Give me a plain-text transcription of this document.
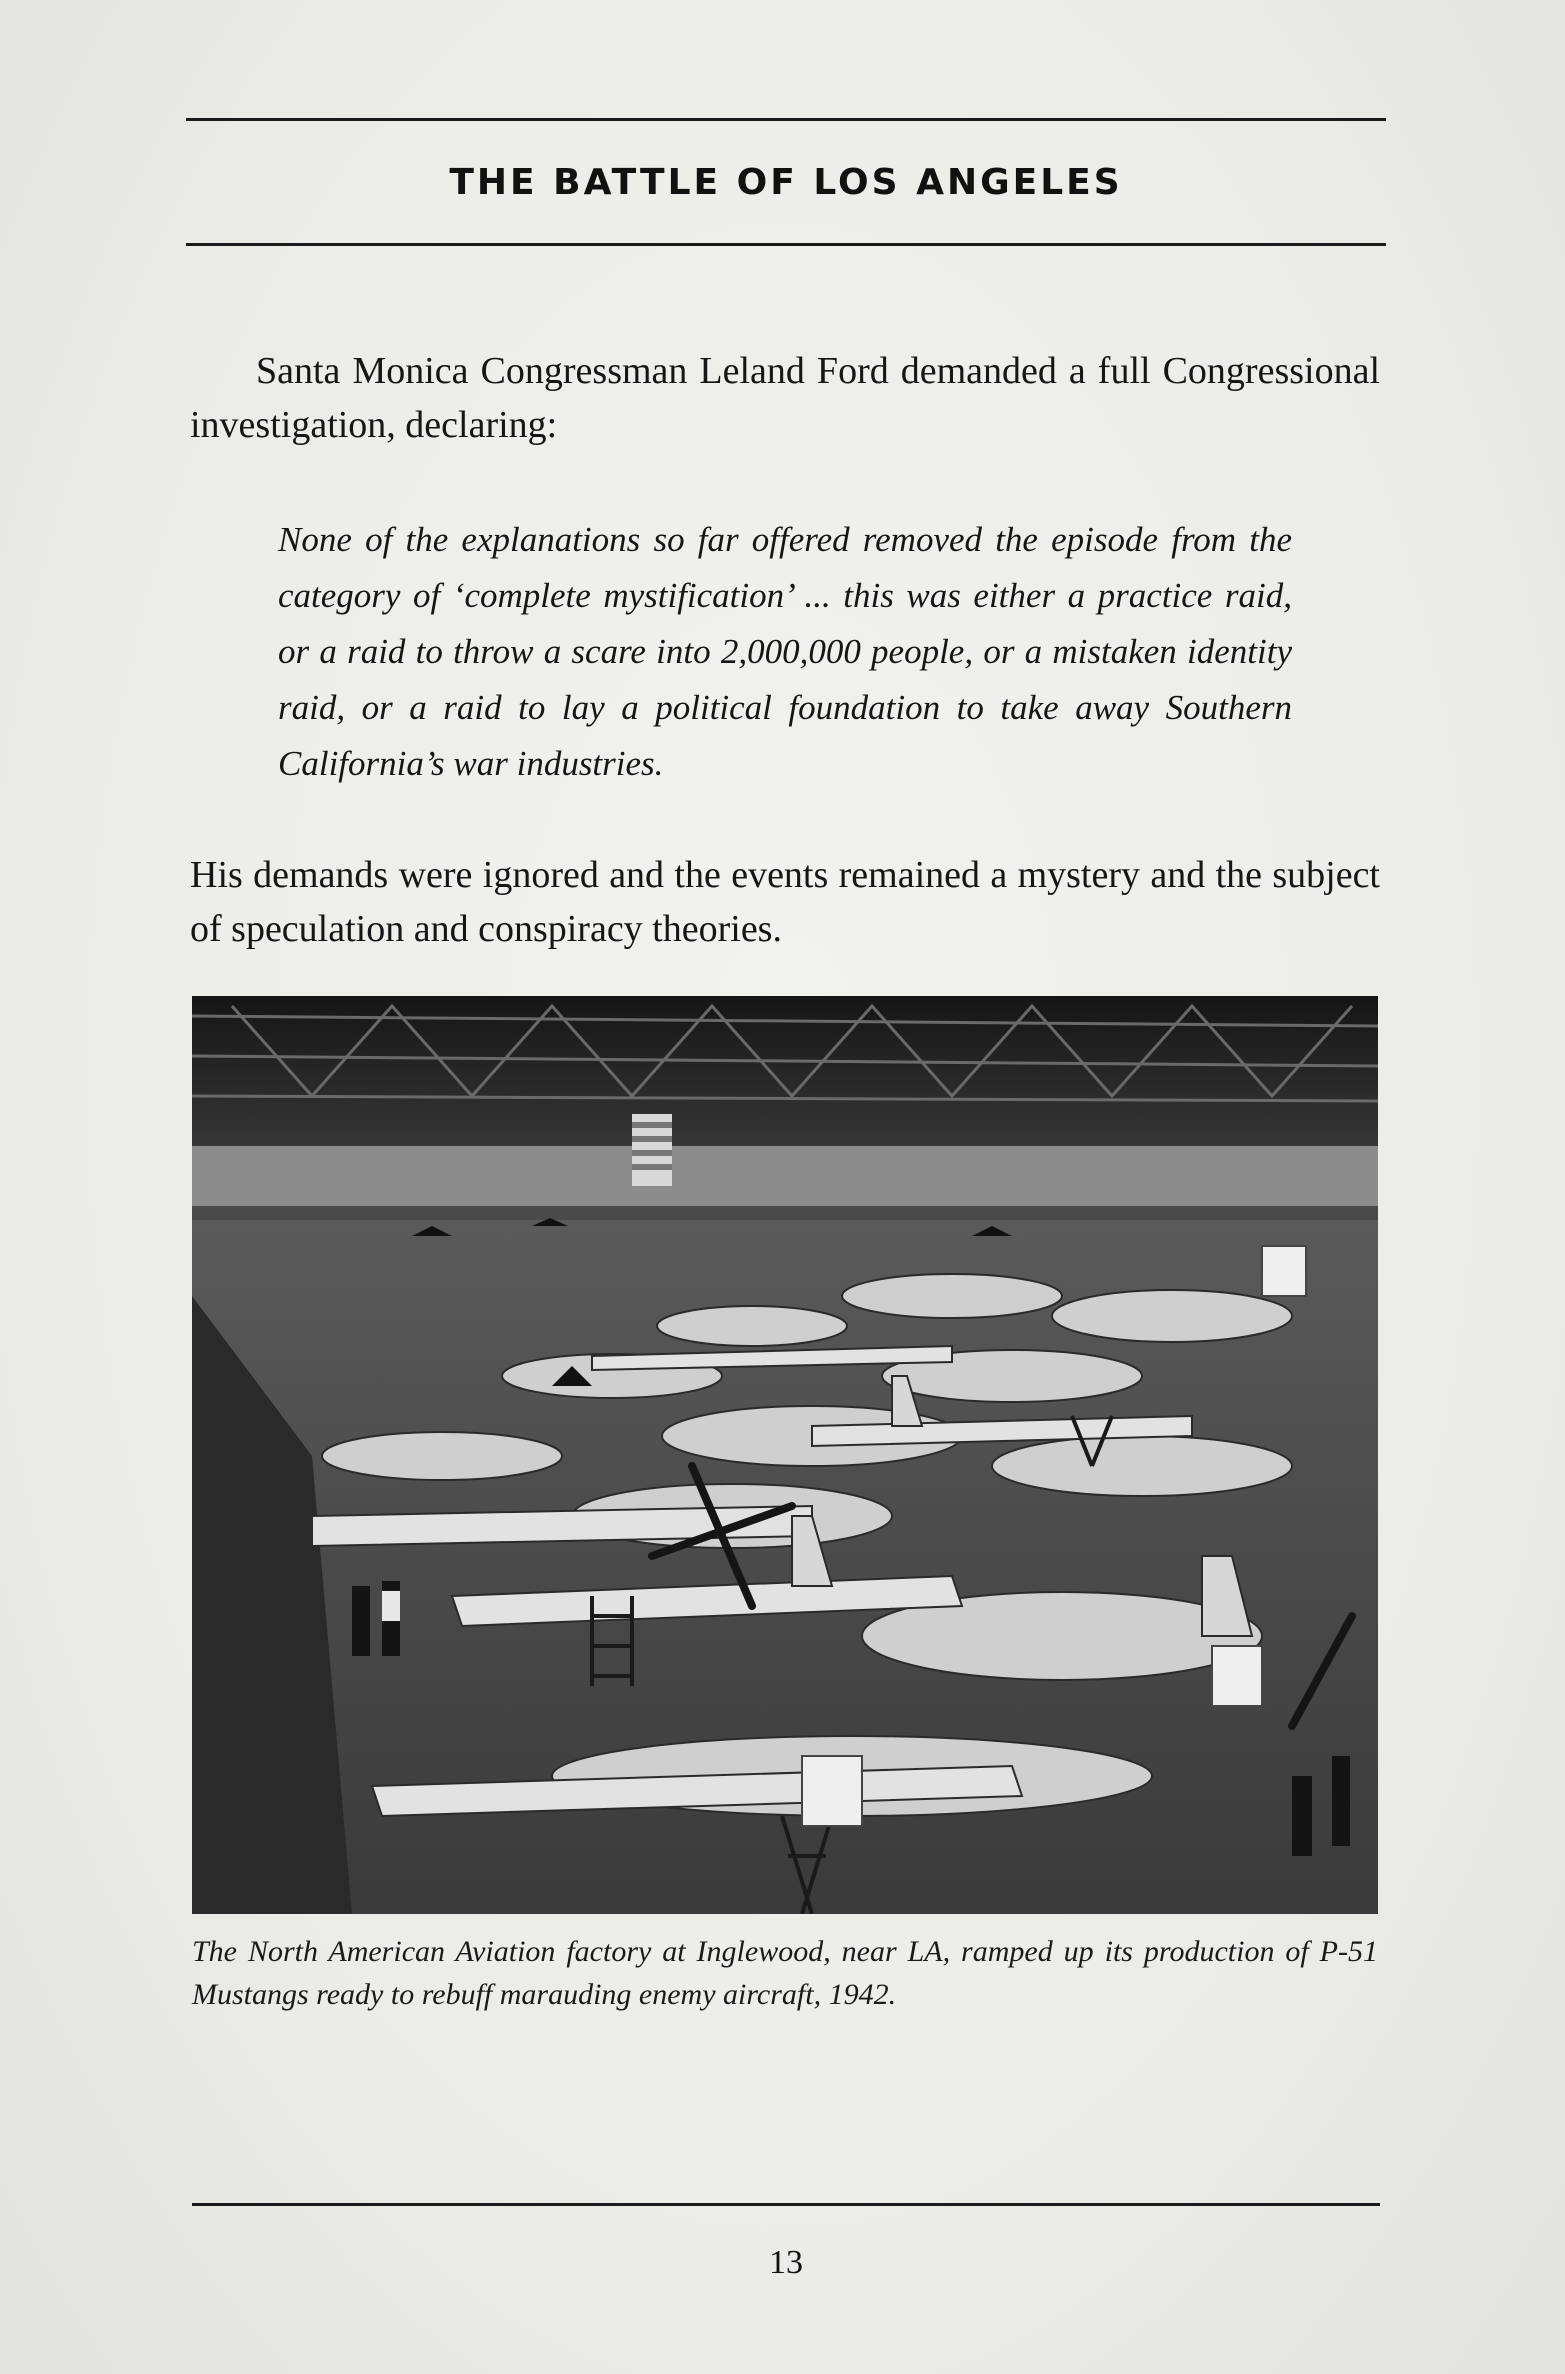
THE BATTLE OF LOS ANGELES

Santa Monica Congressman Leland Ford demanded a full Congressional investigation, declaring:

None of the explanations so far offered removed the episode from the category of ‘complete mystification’ ... this was either a practice raid, or a raid to throw a scare into 2,000,000 people, or a mistaken identity raid, or a raid to lay a political foundation to take away Southern California’s war industries.

His demands were ignored and the events remained a mystery and the subject of speculation and conspiracy theories.

The North American Aviation factory at Inglewood, near LA, ramped up its production of P-51 Mustangs ready to rebuff marauding enemy aircraft, 1942.

13
